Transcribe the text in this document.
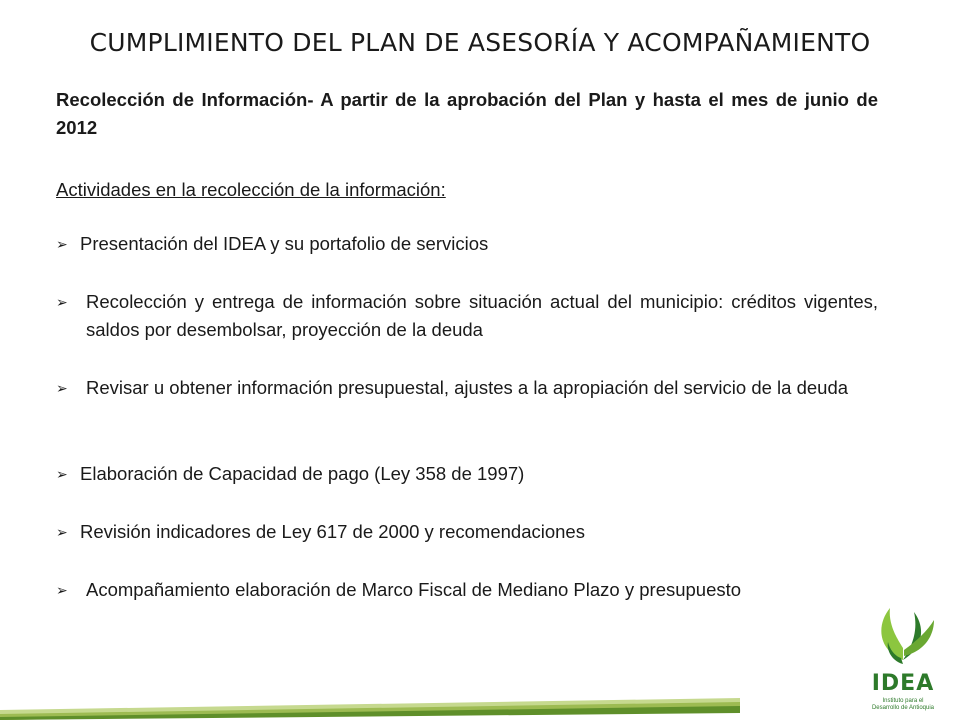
CUMPLIMIENTO DEL PLAN DE ASESORÍA Y ACOMPAÑAMIENTO

Recolección de Información- A partir de la aprobación del Plan y hasta el mes de junio de 2012

Actividades en la recolección de la información:

➢ Presentación del IDEA y su portafolio de servicios
➢ Recolección y entrega de información sobre situación actual del municipio: créditos vigentes, saldos por desembolsar, proyección de la deuda
➢ Revisar u obtener información presupuestal, ajustes a la apropiación del servicio de la deuda
➢ Elaboración de Capacidad de pago (Ley 358 de 1997)
➢ Revisión indicadores de Ley 617 de 2000 y recomendaciones
➢ Acompañamiento elaboración de Marco Fiscal de Mediano Plazo y presupuesto
IDEA
Instituto para el Desarrollo de Antioquia
